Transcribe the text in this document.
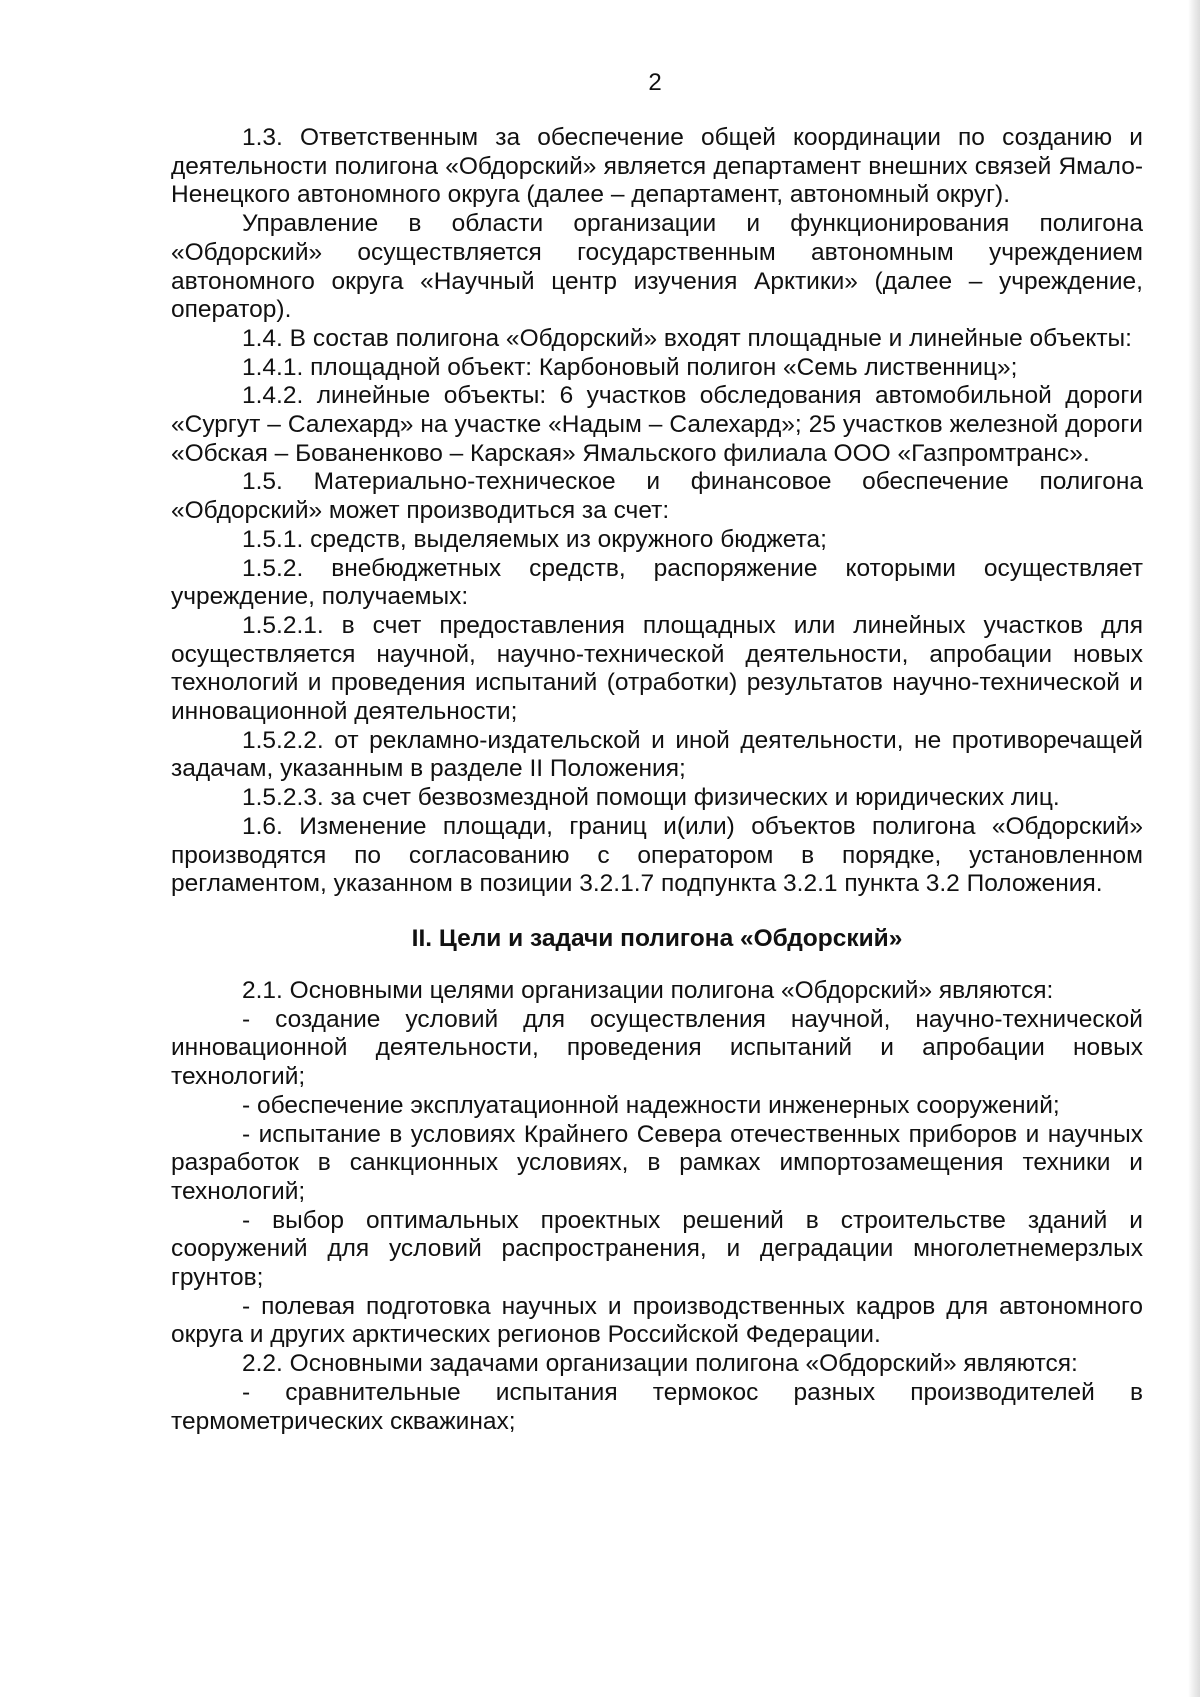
2

1.3. Ответственным за обеспечение общей координации по созданию и деятельности полигона «Обдорский» является департамент внешних связей Ямало-Ненецкого автономного округа (далее – департамент, автономный округ).

Управление в области организации и функционирования полигона «Обдорский» осуществляется государственным автономным учреждением автономного округа «Научный центр изучения Арктики» (далее – учреждение, оператор).

1.4. В состав полигона «Обдорский» входят площадные и линейные объекты:

1.4.1. площадной объект: Карбоновый полигон «Семь лиственниц»;

1.4.2. линейные объекты: 6 участков обследования автомобильной дороги «Сургут – Салехард» на участке «Надым – Салехард»; 25 участков железной дороги «Обская – Бованенково – Карская» Ямальского филиала ООО «Газпромтранс».

1.5. Материально-техническое и финансовое обеспечение полигона «Обдорский» может производиться за счет:

1.5.1. средств, выделяемых из окружного бюджета;

1.5.2. внебюджетных средств, распоряжение которыми осуществляет учреждение, получаемых:

1.5.2.1. в счет предоставления площадных или линейных участков для осуществляется научной, научно-технической деятельности, апробации новых технологий и проведения испытаний (отработки) результатов научно-технической и инновационной деятельности;

1.5.2.2. от рекламно-издательской и иной деятельности, не противоречащей задачам, указанным в разделе II Положения;

1.5.2.3. за счет безвозмездной помощи физических и юридических лиц.

1.6. Изменение площади, границ и(или) объектов полигона «Обдорский» производятся по согласованию с оператором в порядке, установленном регламентом, указанном в позиции 3.2.1.7 подпункта 3.2.1 пункта 3.2 Положения.

II. Цели и задачи полигона «Обдорский»

2.1. Основными целями организации полигона «Обдорский» являются:

- создание условий для осуществления научной, научно-технической инновационной деятельности, проведения испытаний и апробации новых технологий;

- обеспечение эксплуатационной надежности инженерных сооружений;

- испытание в условиях Крайнего Севера отечественных приборов и научных разработок в санкционных условиях, в рамках импортозамещения техники и технологий;

- выбор оптимальных проектных решений в строительстве зданий и сооружений для условий распространения, и деградации многолетнемерзлых грунтов;

- полевая подготовка научных и производственных кадров для автономного округа и других арктических регионов Российской Федерации.

2.2. Основными задачами организации полигона «Обдорский» являются:

- сравнительные испытания термокос разных производителей в термометрических скважинах;
